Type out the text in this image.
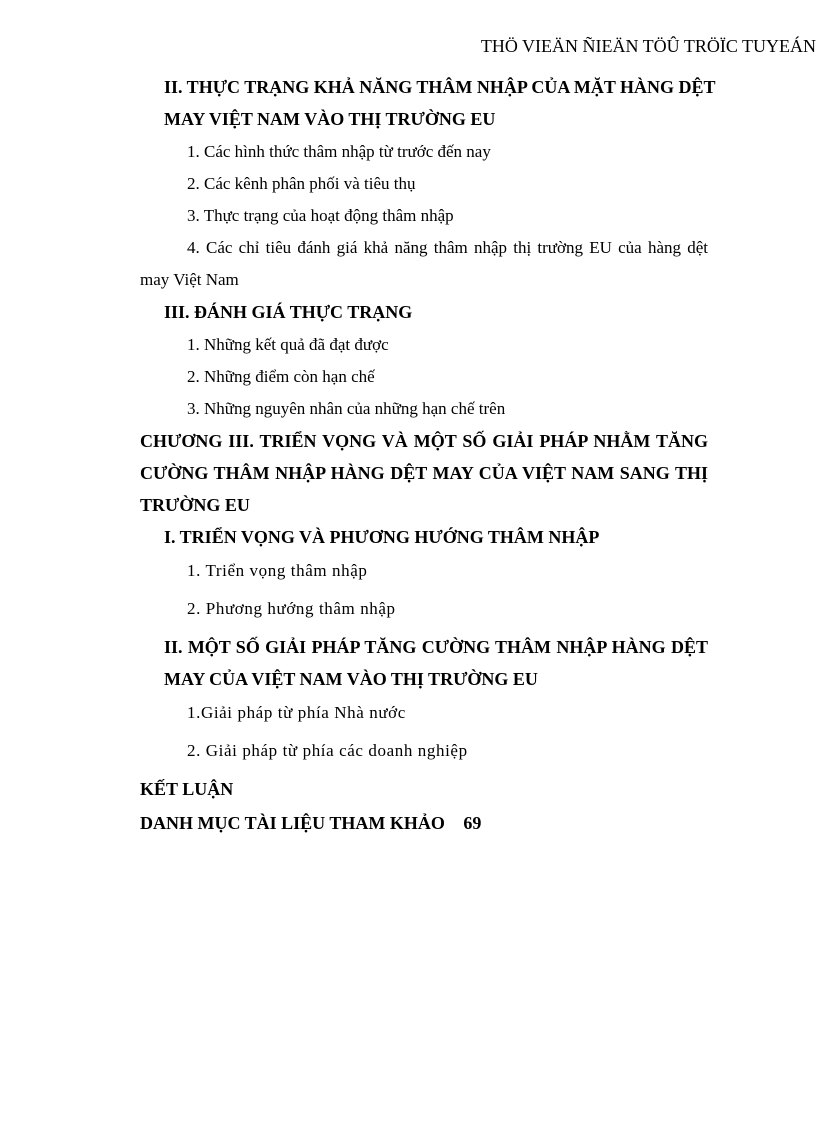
THÖ VIEÄN ÑIEÄN TÖÛ TRÖÏC TUYEÁN
II. THỰC TRẠNG KHẢ NĂNG THÂM NHẬP CỦA MẶT HÀNG DỆT
MAY VIỆT NAM VÀO THỊ TRƯỜNG EU
1. Các hình thức thâm nhập từ trước đến nay
2. Các kênh phân phối và tiêu thụ
3. Thực trạng của hoạt động thâm nhập
4. Các chỉ tiêu đánh giá khả năng thâm nhập thị trường EU của hàng dệt
may Việt Nam
III. ĐÁNH GIÁ THỰC TRẠNG
1. Những kết quả đã đạt được
2. Những điểm còn hạn chế
3. Những nguyên nhân của những hạn chế trên
CHƯƠNG III. TRIỂN VỌNG VÀ MỘT SỐ GIẢI PHÁP NHẰM TĂNG
CƯỜNG THÂM NHẬP HÀNG DỆT MAY CỦA VIỆT NAM SANG THỊ
TRƯỜNG EU
I. TRIỂN VỌNG VÀ PHƯƠNG HƯỚNG THÂM NHẬP
1. Triển vọng thâm nhập
2. Phương hướng thâm nhập
II. MỘT SỐ GIẢI PHÁP TĂNG CƯỜNG THÂM NHẬP HÀNG DỆT
MAY CỦA VIỆT NAM VÀO THỊ TRƯỜNG EU
1.Giải pháp từ phía Nhà nước
2. Giải pháp từ phía các doanh nghiệp
KẾT LUẬN
DANH MỤC TÀI LIỆU THAM KHẢO 69
